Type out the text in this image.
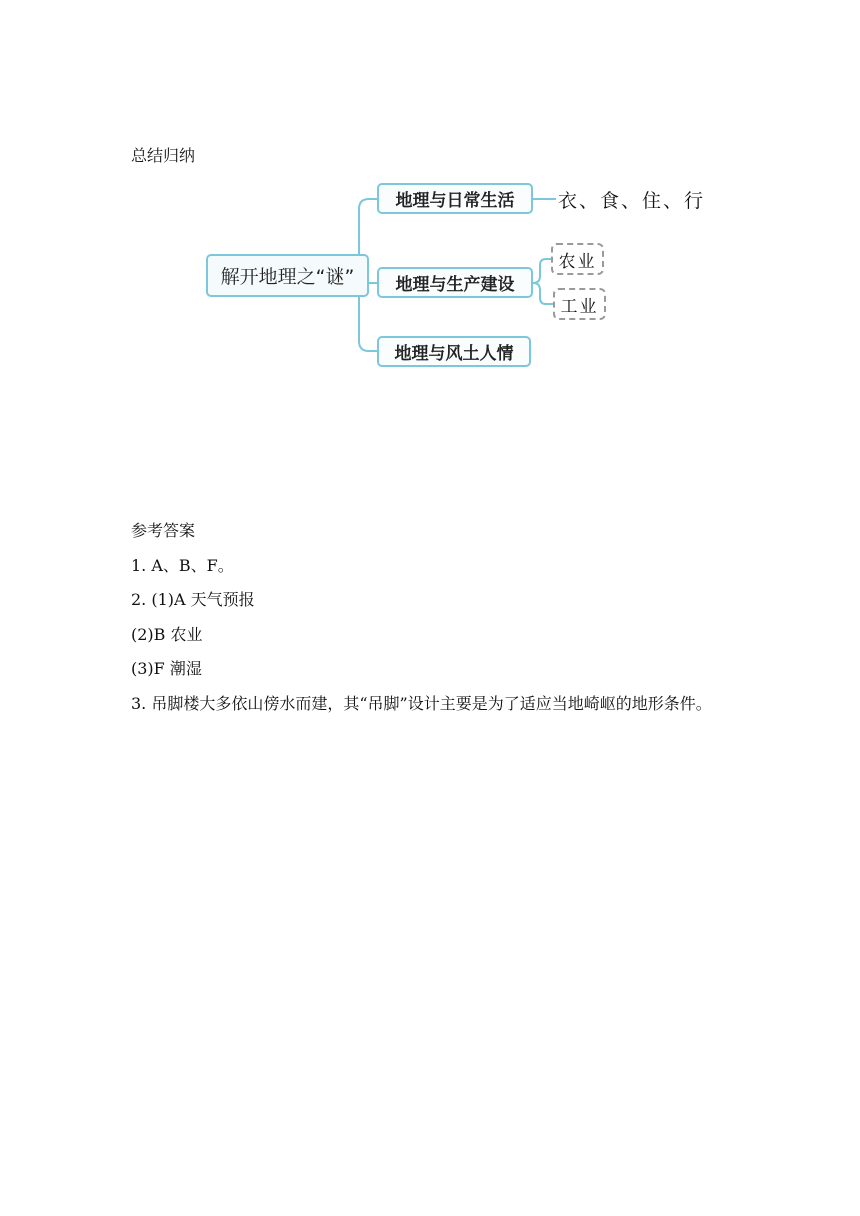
总结归纳
解开地理之“谜”
地理与日常生活	衣、食、住、行
地理与生产建设
农业
工业
地理与风土人情
参考答案
1. A、B、F。
2. (1)A 天气预报
(2)B 农业
(3)F 潮湿
3. 吊脚楼大多依山傍水而建，其“吊脚”设计主要是为了适应当地崎岖的地形条件。
